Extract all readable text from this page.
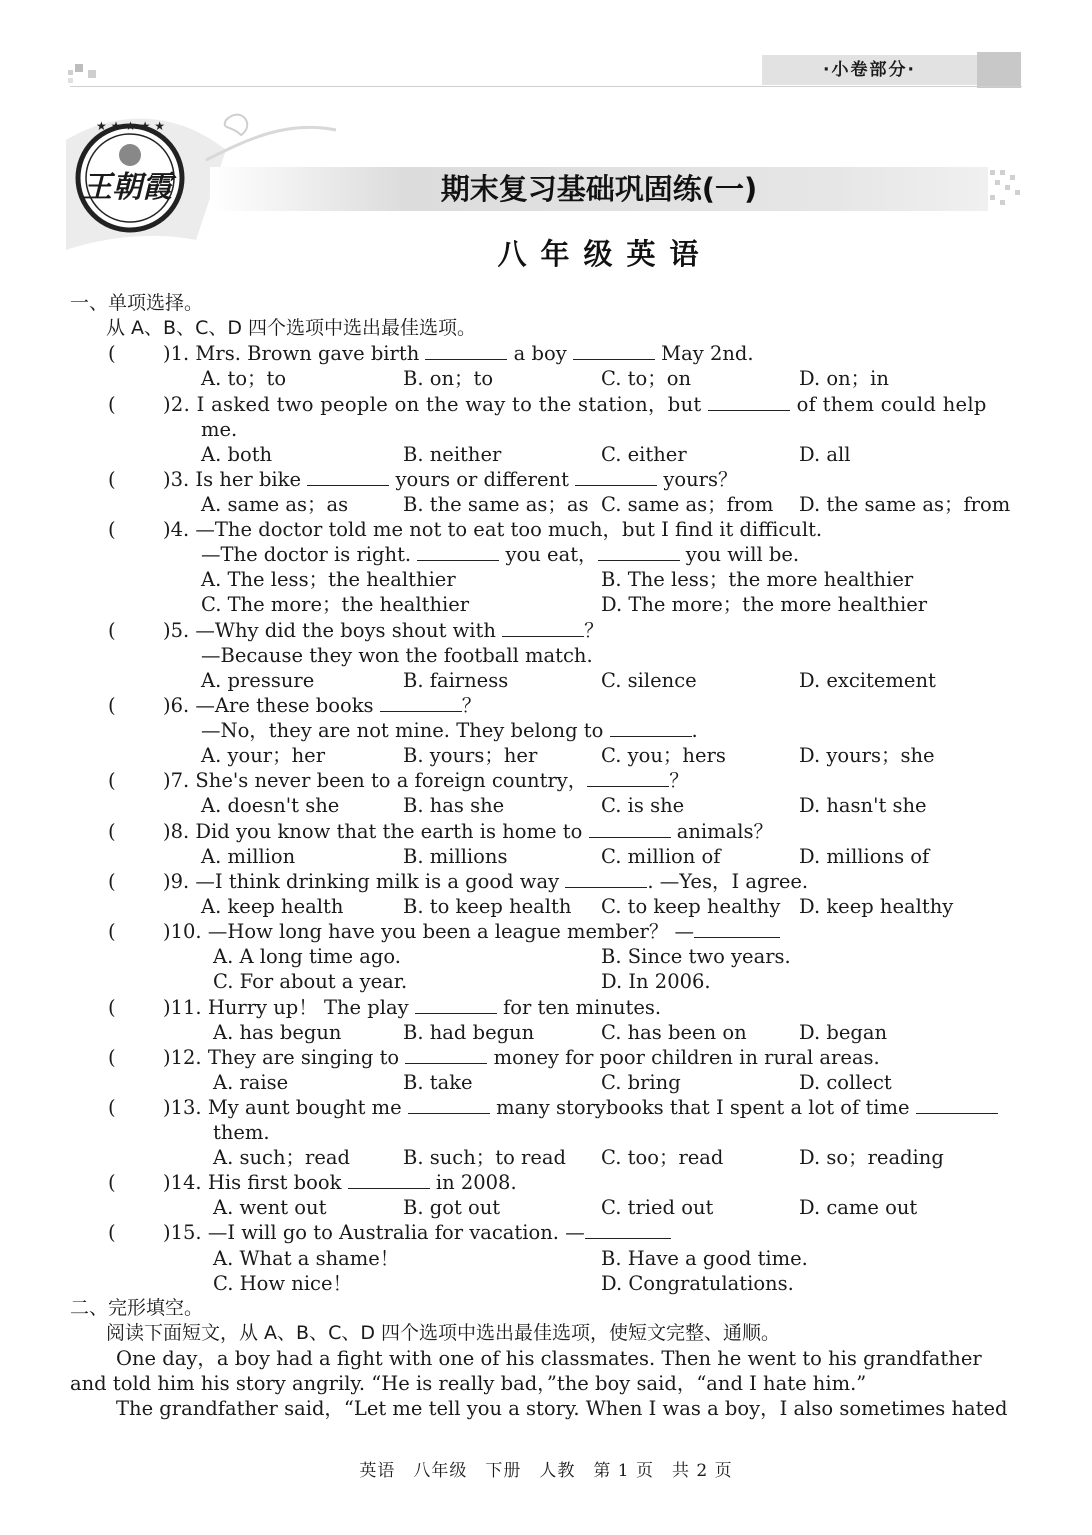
·小卷部分·
★ ★ ★ ★ ★
王朝霞	期末复习基础巩固练(一)
八年级英语
一、单项选择。
从 A、B、C、D 四个选项中选出最佳选项。
(	)1. Mrs. Brown gave birth	a boy	May 2nd.
A. to；to	B. on；to	C. to；on	D. on；in
(	)2. I asked two people on the way to the station，but	of them could help
me.
A. both	B. neither	C. either	D. all
(	)3. Is her bike	yours or different	yours？
A. same as；as	B. the same as；as C. same as；from D. the same as；from
(	)4. —The doctor told me not to eat too much，but I find it difficult.
—The doctor is right.	you eat，	you will be.
A. The less；the healthier	B. The less；the more healthier
C. The more；the healthier	D. The more；the more healthier
(	)5. —Why did the boys shout with	？
—Because they won the football match.
A. pressure	B. fairness	C. silence	D. excitement
(	)6. —Are these books	？
—No，they are not mine. They belong to	.
A. your；her	B. yours；her	C. you；hers	D. yours；she
(	)7. She's never been to a foreign country，	？
A. doesn't she	B. has she	C. is she	D. hasn't she
(	)8. Did you know that the earth is home to	animals？
A. million	B. millions	C. million of	D. millions of
(	)9. —I think drinking milk is a good way	. —Yes，I agree.
A. keep health	B. to keep health C. to keep healthy D. keep healthy
(	)10. —How long have you been a league member？ —
A. A long time ago.	B. Since two years.
C. For about a year.	D. In 2006.
(	)11. Hurry up！ The play	for ten minutes.
A. has begun	B. had begun	C. has been on	D. began
(	)12. They are singing to	money for poor children in rural areas.
A. raise	B. take	C. bring	D. collect
(	)13. My aunt bought me	many storybooks that I spent a lot of time
them.
A. such；read	B. such；to read C. too；read	D. so；reading
(	)14. His first book	in 2008.
A. went out	B. got out	C. tried out	D. came out
(	)15. —I will go to Australia for vacation. —
A. What a shame！	B. Have a good time.
C. How nice！	D. Congratulations.
二、完形填空。
阅读下面短文，从 A、B、C、D 四个选项中选出最佳选项，使短文完整、通顺。
One day，a boy had a fight with one of his classmates. Then he went to his grandfather
and told him his story angrily. “He is really bad，”the boy said，“and I hate him.”
The grandfather said，“Let me tell you a story. When I was a boy，I also sometimes hated
英语　八年级　下册　人教　第 1 页　共 2 页
